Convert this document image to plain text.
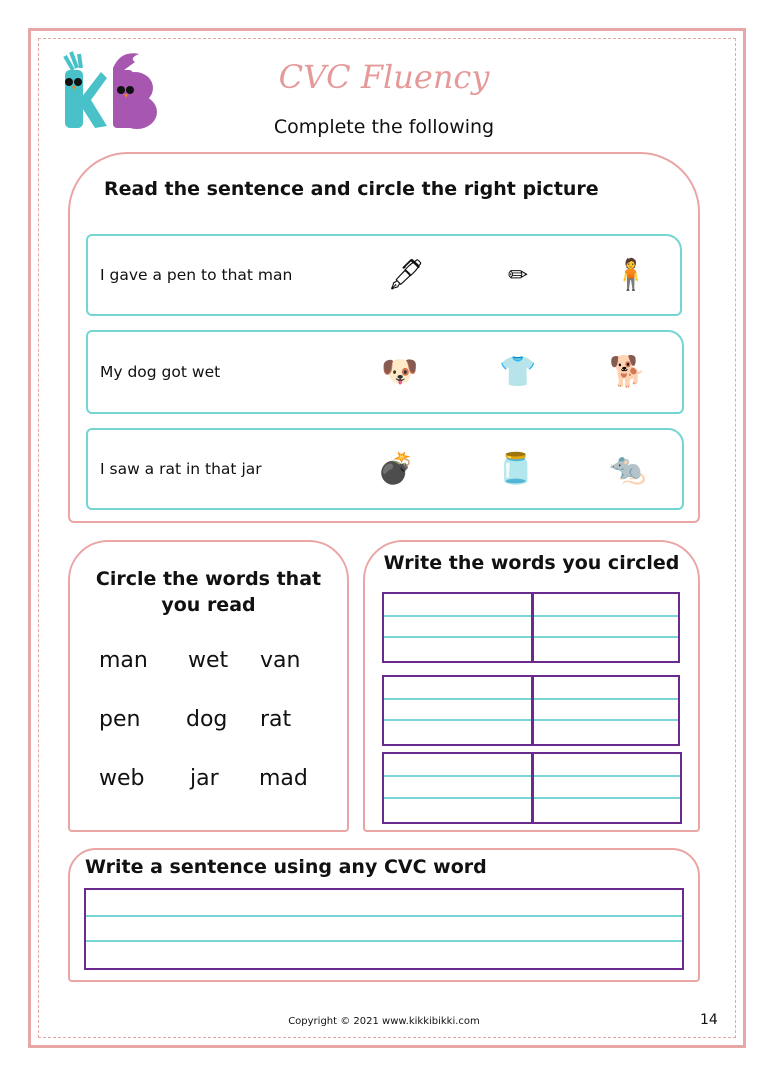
CVC Fluency
Complete the following
Read the sentence and circle the right picture
I gave a pen to that man	🖋	✏	🧍
My dog got wet	🐶	👕 🐕
I saw a rat in that jar	💣	🫙 🐀
Circle the words that
you read
man wet van
pen dog rat
web jar mad
Write the words you circled
Write a sentence using any CVC word
Copyright © 2021 www.kikkibikki.com	14
